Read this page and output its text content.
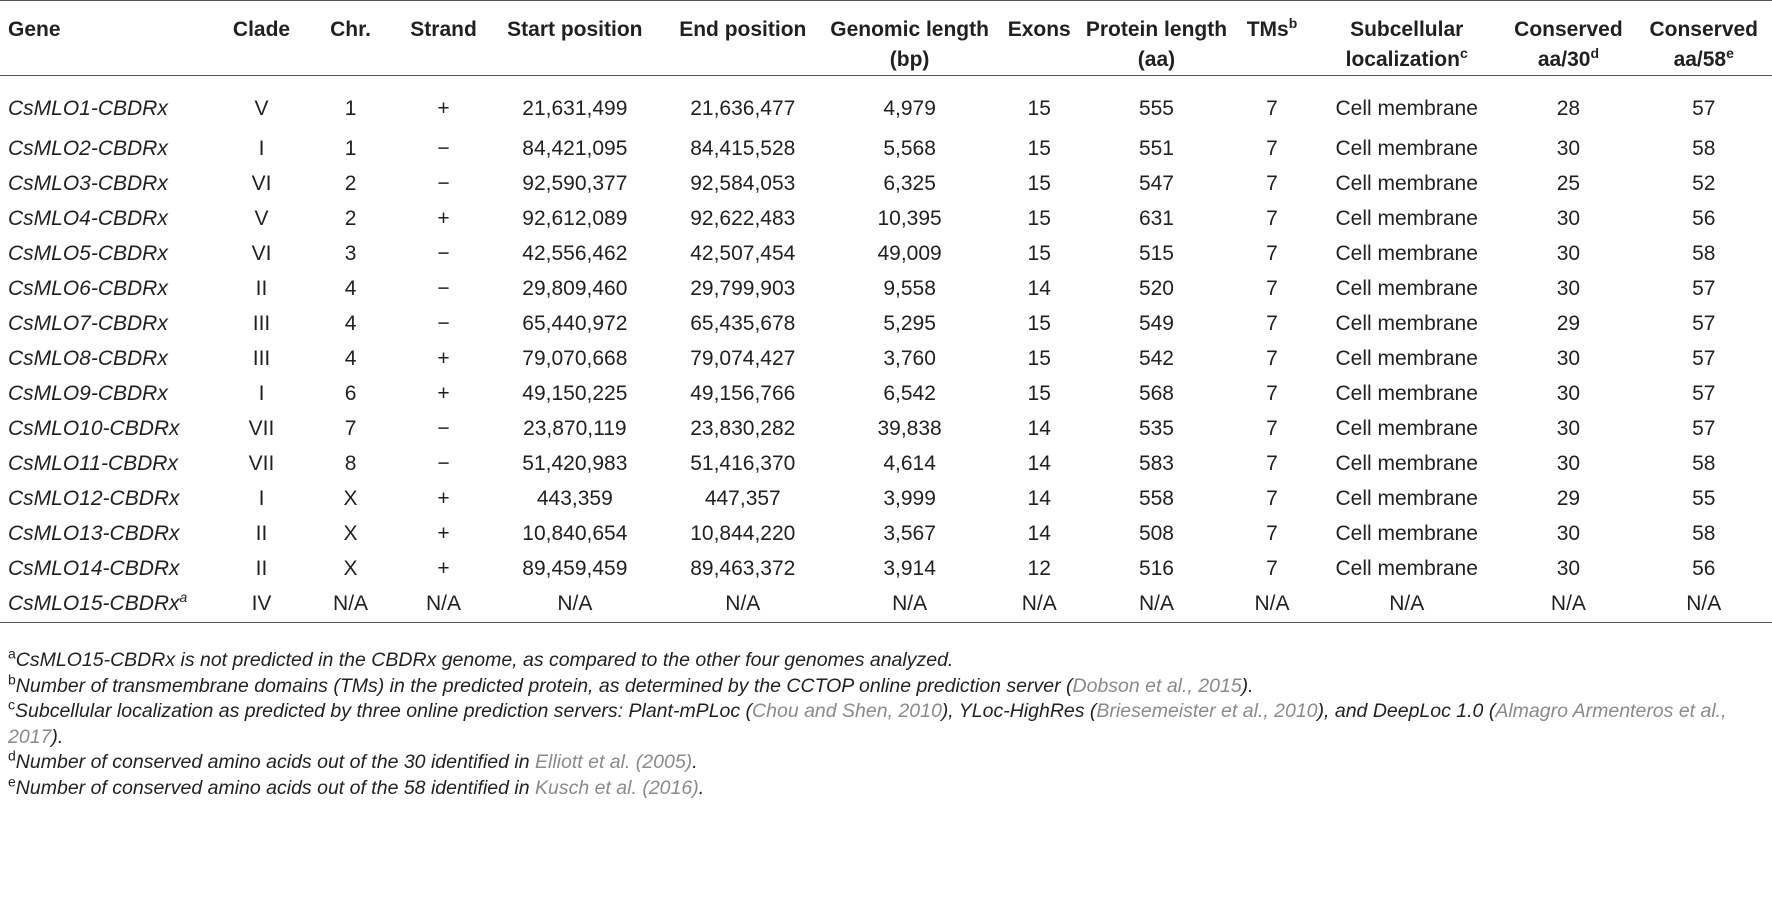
Gene	Clade	Chr.	Strand	Start position	End position	Genomic length (bp)	Exons	Protein length (aa)	TMs$^b$	Subcellular localization$^c$	Conserved aa/30$^d$	Conserved aa/58e
CsMLO1-CBDRx	V	1	+	21,631,499	21,636,477	4,979	15	555	7	Cell membrane	28	57
CsMLO2-CBDRx	I	1	−	84,421,095	84,415,528	5,568	15	551	7	Cell membrane	30	58
CsMLO3-CBDRx	VI	2	−	92,590,377	92,584,053	6,325	15	547	7	Cell membrane	25	52
CsMLO4-CBDRx	V	2	+	92,612,089	92,622,483	10,395	15	631	7	Cell membrane	30	56
CsMLO5-CBDRx	VI	3	−	42,556,462	42,507,454	49,009	15	515	7	Cell membrane	30	58
CsMLO6-CBDRx	II	4	−	29,809,460	29,799,903	9,558	14	520	7	Cell membrane	30	57
CsMLO7-CBDRx	III	4	−	65,440,972	65,435,678	5,295	15	549	7	Cell membrane	29	57
CsMLO8-CBDRx	III	4	+	79,070,668	79,074,427	3,760	15	542	7	Cell membrane	30	57
CsMLO9-CBDRx	I	6	+	49,150,225	49,156,766	6,542	15	568	7	Cell membrane	30	57
CsMLO10-CBDRx	VII	7	−	23,870,119	23,830,282	39,838	14	535	7	Cell membrane	30	57
CsMLO11-CBDRx	VII	8	−	51,420,983	51,416,370	4,614	14	583	7	Cell membrane	30	58
CsMLO12-CBDRx	I	X	+	443,359	447,357	3,999	14	558	7	Cell membrane	29	55
CsMLO13-CBDRx	II	X	+	10,840,654	10,844,220	3,567	14	508	7	Cell membrane	30	58
CsMLO14-CBDRx	II	X	+	89,459,459	89,463,372	3,914	12	516	7	Cell membrane	30	56
CsMLO15-CBDRx$^a$	IV	N/A	N/A	N/A	N/A	N/A	N/A	N/A	N/A	N/A	N/A	N/A

$^a$CsMLO15-CBDRx is not predicted in the CBDRx genome, as compared to the other four genomes analyzed.

$^b$Number of transmembrane domains (TMs) in the predicted protein, as determined by the CCTOP online prediction server (Dobson et al., 2015).

$^c$Subcellular localization as predicted by three online prediction servers: Plant-mPLoc (Chou and Shen, 2010), YLoc-HighRes (Briesemeister et al., 2010), and DeepLoc 1.0 (Almagro Armenteros et al., 2017).

$^d$Number of conserved amino acids out of the 30 identified in Elliott et al. (2005).

$^e$Number of conserved amino acids out of the 58 identified in Kusch et al. (2016).
